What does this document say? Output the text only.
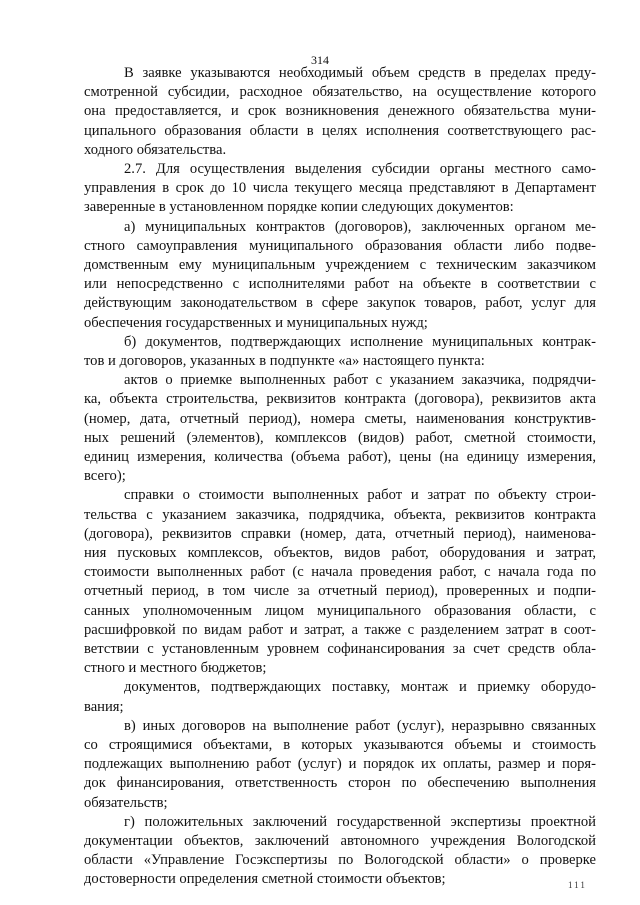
314
В заявке указываются необходимый объем средств в пределах преду-
смотренной субсидии, расходное обязательство, на осуществление которого
она предоставляется, и срок возникновения денежного обязательства муни-
ципального образования области в целях исполнения соответствующего рас-
ходного обязательства.
2.7. Для осуществления выделения субсидии органы местного само-
управления в срок до 10 числа текущего месяца представляют в Департамент
заверенные в установленном порядке копии следующих документов:
а) муниципальных контрактов (договоров), заключенных органом ме-
стного самоуправления муниципального образования области либо подве-
домственным ему муниципальным учреждением с техническим заказчиком
или непосредственно с исполнителями работ на объекте в соответствии с
действующим законодательством в сфере закупок товаров, работ, услуг для
обеспечения государственных и муниципальных нужд;
б) документов, подтверждающих исполнение муниципальных контрак-
тов и договоров, указанных в подпункте «а» настоящего пункта:
актов о приемке выполненных работ с указанием заказчика, подрядчи-
ка, объекта строительства, реквизитов контракта (договора), реквизитов акта
(номер, дата, отчетный период), номера сметы, наименования конструктив-
ных решений (элементов), комплексов (видов) работ, сметной стоимости,
единиц измерения, количества (объема работ), цены (на единицу измерения,
всего);
справки о стоимости выполненных работ и затрат по объекту строи-
тельства с указанием заказчика, подрядчика, объекта, реквизитов контракта
(договора), реквизитов справки (номер, дата, отчетный период), наименова-
ния пусковых комплексов, объектов, видов работ, оборудования и затрат,
стоимости выполненных работ (с начала проведения работ, с начала года по
отчетный период, в том числе за отчетный период), проверенных и подпи-
санных уполномоченным лицом муниципального образования области, с
расшифровкой по видам работ и затрат, а также с разделением затрат в соот-
ветствии с установленным уровнем софинансирования за счет средств обла-
стного и местного бюджетов;
документов, подтверждающих поставку, монтаж и приемку оборудо-
вания;
в) иных договоров на выполнение работ (услуг), неразрывно связанных
со строящимися объектами, в которых указываются объемы и стоимость
подлежащих выполнению работ (услуг) и порядок их оплаты, размер и поря-
док финансирования, ответственность сторон по обеспечению выполнения
обязательств;
г) положительных заключений государственной экспертизы проектной
документации объектов, заключений автономного учреждения Вологодской
области «Управление Госэкспертизы по Вологодской области» о проверке
достоверности определения сметной стоимости объектов;	111
